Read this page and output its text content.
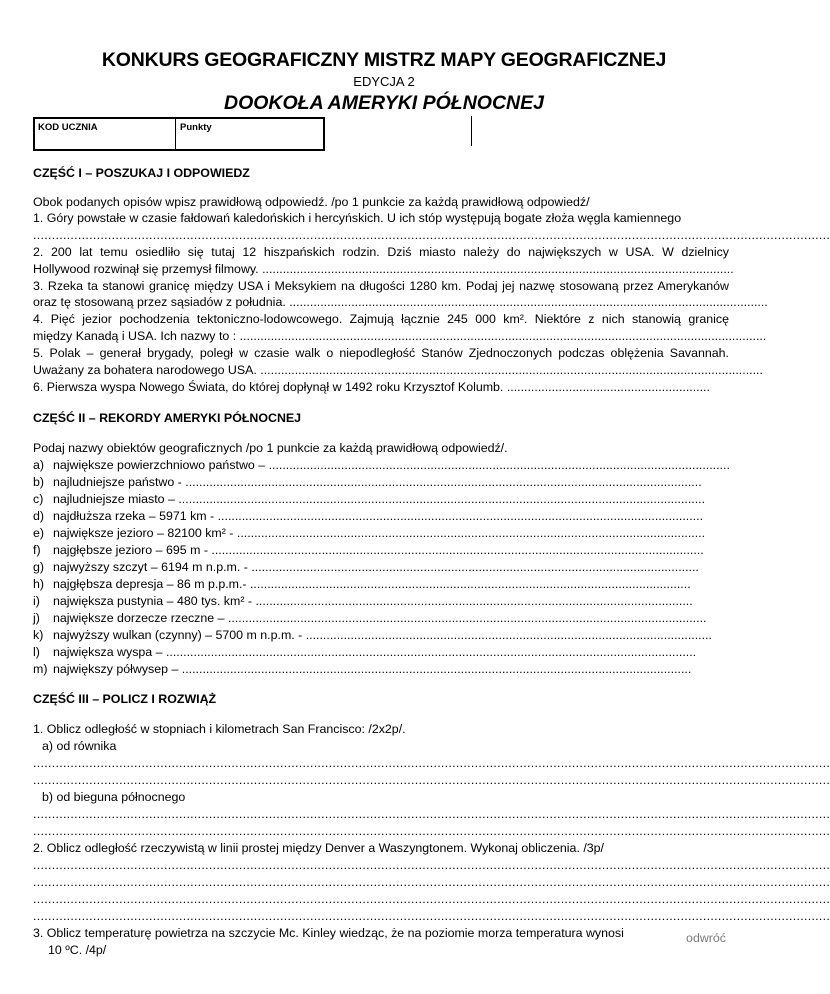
KONKURS GEOGRAFICZNY MISTRZ MAPY GEOGRAFICZNEJ
EDYCJA 2
DOOKOŁA AMERYKI PÓŁNOCNEJ
KOD UCZNIA	Punkty
CZĘŚĆ I – POSZUKAJ I ODPOWIEDZ
Obok podanych opisów wpisz prawidłową odpowiedź. /po 1 punkcie za każdą prawidłową odpowiedź/
1. Góry powstałe w czasie fałdowań kaledońskich i hercyńskich. U ich stóp występują bogate złoża węgla kamiennego
.....................................................................................................................................................................................................................
2. 200 lat temu osiedliło się tutaj 12 hiszpańskich rodzin. Dziś miasto należy do największych w USA. W dzielnicy
Hollywood rozwinął się przemysł filmowy. .........................................................................................................................................
3. Rzeka ta stanowi granicę między USA i Meksykiem na długości 1280 km. Podaj jej nazwę stosowaną przez Amerykanów
oraz tę stosowaną przez sąsiadów z południa. ...........................................................................................................................................
4. Pięć jezior pochodzenia tektoniczno-lodowcowego. Zajmują łącznie 245 000 km². Niektóre z nich stanowią granicę
między Kanadą i USA. Ich nazwy to : .........................................................................................................................................................
5. Polak – generał brygady, poległ w czasie walk o niepodległość Stanów Zjednoczonych podczas oblężenia Savannah.
Uważany za bohatera narodowego USA. ..................................................................................................................................................
6. Pierwsza wyspa Nowego Świata, do której dopłynął w 1492 roku Krzysztof Kolumb. ...........................................................
CZĘŚĆ II – REKORDY AMERYKI PÓŁNOCNEJ
Podaj nazwy obiektów geograficznych /po 1 punkcie za każdą prawidłową odpowiedź/.
a) największe powierzchniowo państwo – ......................................................................................................................................
b) najludniejsze państwo - ......................................................................................................................................................
c) najludniejsze miasto – .........................................................................................................................................................
d) najdłuższa rzeka – 5971 km - .............................................................................................................................................
e) największe jezioro – 82100 km² - ........................................................................................................................................
f) najgłębsze jezioro – 695 m - ...............................................................................................................................................
g) najwyższy szczyt – 6194 m n.p.m. - ..................................................................................................................................
h) najgłębsza depresja – 86 m p.p.m.- ................................................................................................................................
i) największa pustynia – 480 tys. km² - ...............................................................................................................................
j) największe dorzecze rzeczne – ...........................................................................................................................................
k) najwyższy wulkan (czynny) – 5700 m n.p.m. - ......................................................................................................................
l) największa wyspa – ..........................................................................................................................................................
m) największy półwysep – ....................................................................................................................................................
CZĘŚĆ III – POLICZ I ROZWIĄŻ
1. Oblicz odległość w stopniach i kilometrach San Francisco: /2x2p/.
a) od równika
.....................................................................................................................................................................................................................
.....................................................................................................................................................................................................................
b) od bieguna północnego
.....................................................................................................................................................................................................................
.....................................................................................................................................................................................................................
2. Oblicz odległość rzeczywistą w linii prostej między Denver a Waszyngtonem. Wykonaj obliczenia. /3p/
.....................................................................................................................................................................................................................
.....................................................................................................................................................................................................................
.....................................................................................................................................................................................................................
.....................................................................................................................................................................................................................
3. Oblicz temperaturę powietrza na szczycie Mc. Kinley wiedząc, że na poziomie morza temperatura wynosi
10 ºC. /4p/
odwróć
